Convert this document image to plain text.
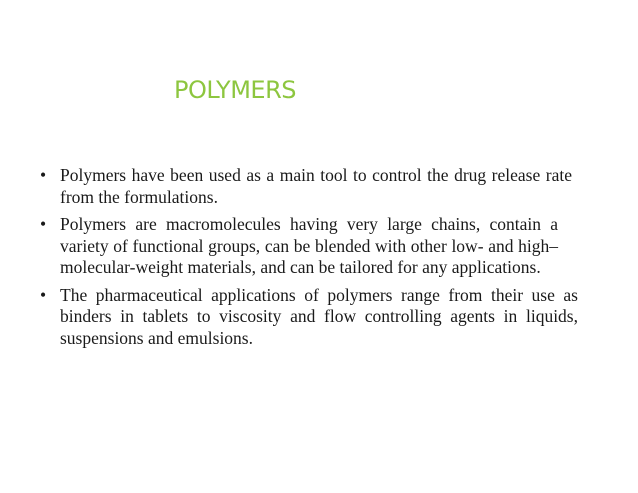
POLYMERS
• Polymers have been used as a main tool to control the drug release rate from the formulations.
• Polymers are macromolecules having very large chains, contain a variety of functional groups, can be blended with other low- and high–molecular-weight materials, and can be tailored for any applications.
• The pharmaceutical applications of polymers range from their use as binders in tablets to viscosity and flow controlling agents in liquids, suspensions and emulsions.
